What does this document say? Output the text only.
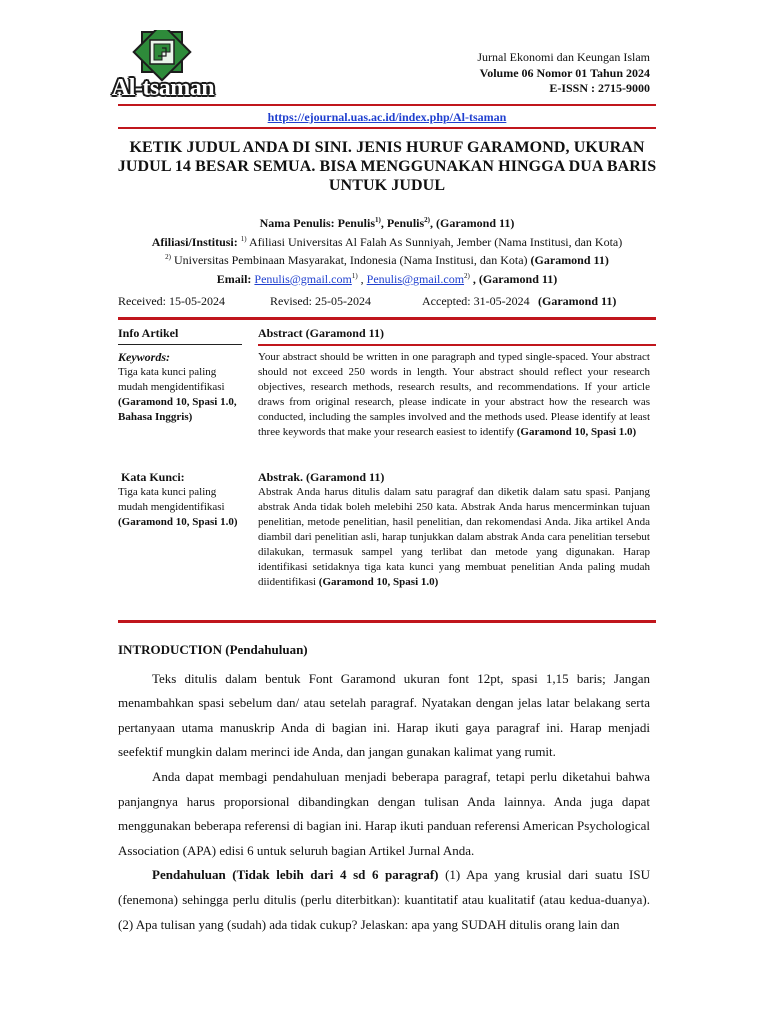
Al-tsaman
Jurnal Ekonomi dan Keungan Islam
Volume 06 Nomor 01 Tahun 2024
E-ISSN : 2715-9000
https://ejournal.uas.ac.id/index.php/Al-tsaman
KETIK JUDUL ANDA DI SINI. JENIS HURUF GARAMOND, UKURAN JUDUL 14 BESAR SEMUA. BISA MENGGUNAKAN HINGGA DUA BARIS UNTUK JUDUL
Nama Penulis: Penulis$^{1)}$, Penulis$^{2)}$, (Garamond 11)
Afiliasi/Institusi: $^{1)}$ Afiliasi Universitas Al Falah As Sunniyah, Jember (Nama Institusi, dan Kota)
$^{2)}$ Universitas Pembinaan Masyarakat, Indonesia (Nama Institusi, dan Kota) (Garamond 11)
Email: Penulis@gmail.com$^{1)}$ , Penulis@gmail.com$^{2)}$ , (Garamond 11)
Received: 15-05-2024	Revised: 25-05-2024	Accepted: 31-05-2024 (Garamond 11)
Info Artikel	Abstract (Garamond 11)
Keywords:
Tiga kata kunci paling mudah mengidentifikasi
(Garamond 10, Spasi 1.0, Bahasa Inggris)
Your abstract should be written in one paragraph and typed single-spaced. Your abstract should not exceed 250 words in length. Your abstract should reflect your research objectives, research methods, research results, and recommendations. If your article draws from original research, please indicate in your abstract how the research was conducted, including the samples involved and the methods used. Please identify at least three keywords that make your research easiest to identify (Garamond 10, Spasi 1.0)
Kata Kunci:
Tiga kata kunci paling mudah mengidentifikasi
(Garamond 10, Spasi 1.0)
Abstrak. (Garamond 11)
Abstrak Anda harus ditulis dalam satu paragraf dan diketik dalam satu spasi. Panjang abstrak Anda tidak boleh melebihi 250 kata. Abstrak Anda harus mencerminkan tujuan penelitian, metode penelitian, hasil penelitian, dan rekomendasi Anda. Jika artikel Anda diambil dari penelitian asli, harap tunjukkan dalam abstrak Anda cara penelitian tersebut dilakukan, termasuk sampel yang terlibat dan metode yang digunakan. Harap identifikasi setidaknya tiga kata kunci yang membuat penelitian Anda paling mudah diidentifikasi (Garamond 10, Spasi 1.0)

INTRODUCTION (Pendahuluan)

Teks ditulis dalam bentuk Font Garamond ukuran font 12pt, spasi 1,15 baris; Jangan menambahkan spasi sebelum dan/ atau setelah paragraf. Nyatakan dengan jelas latar belakang serta pertanyaan utama manuskrip Anda di bagian ini. Harap ikuti gaya paragraf ini. Harap menjadi seefektif mungkin dalam merinci ide Anda, dan jangan gunakan kalimat yang rumit.

Anda dapat membagi pendahuluan menjadi beberapa paragraf, tetapi perlu diketahui bahwa panjangnya harus proporsional dibandingkan dengan tulisan Anda lainnya. Anda juga dapat menggunakan beberapa referensi di bagian ini. Harap ikuti panduan referensi American Psychological Association (APA) edisi 6 untuk seluruh bagian Artikel Jurnal Anda.

Pendahuluan (Tidak lebih dari 4 sd 6 paragraf) (1) Apa yang krusial dari suatu ISU (fenemona) sehingga perlu ditulis (perlu diterbitkan): kuantitatif atau kualitatif (atau kedua-duanya). (2) Apa tulisan yang (sudah) ada tidak cukup? Jelaskan: apa yang SUDAH ditulis orang lain dan
